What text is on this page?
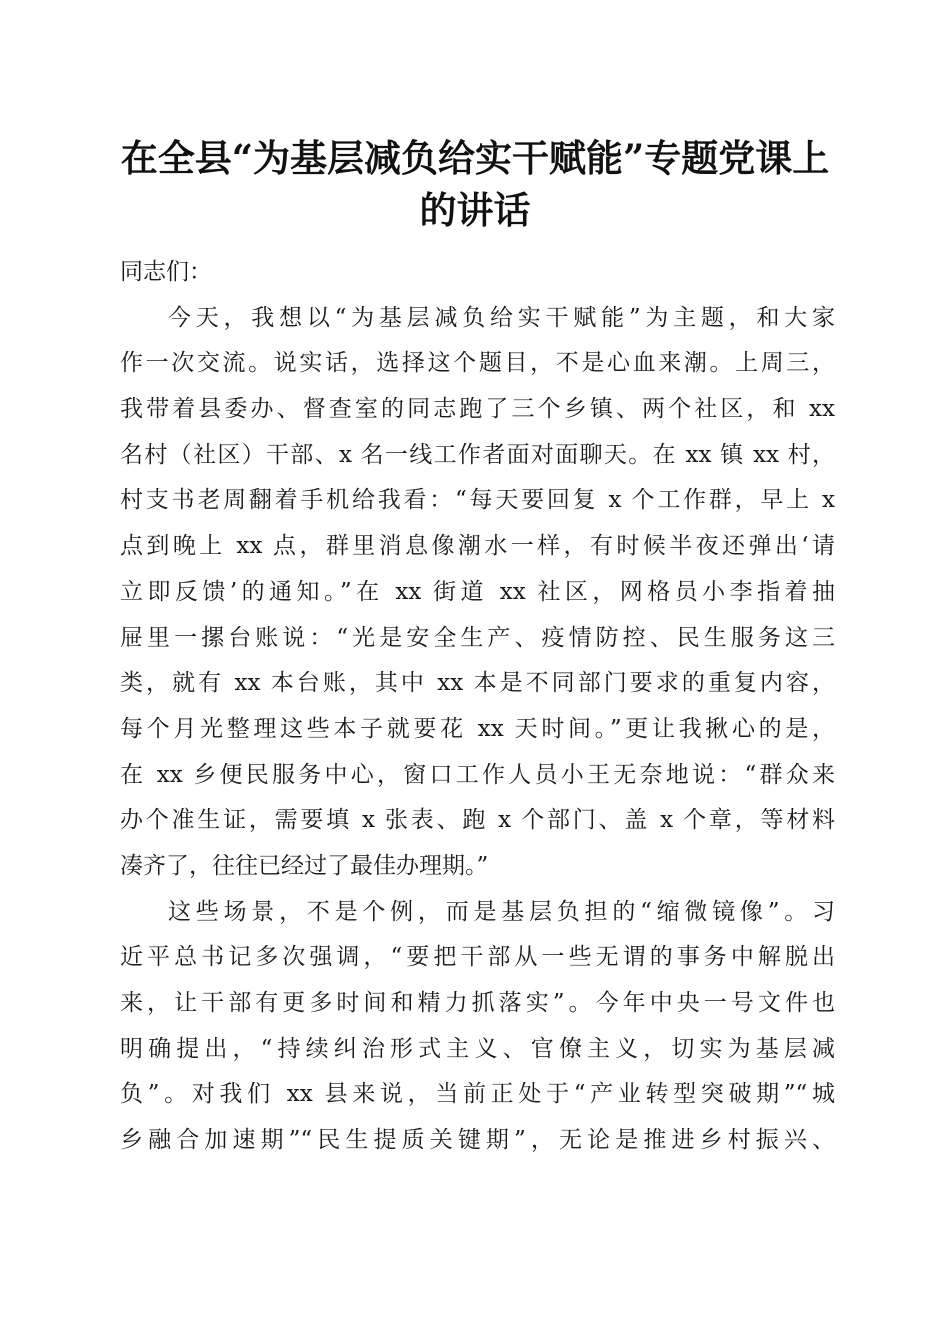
在全县“为基层减负给实干赋能”专题党课上
的讲话
同志们：
今天，我想以“为基层减负给实干赋能”为主题，和大家
作一次交流。说实话，选择这个题目，不是心血来潮。上周三，
我带着县委办、督查室的同志跑了三个乡镇、两个社区，和 xx
名村（社区）干部、x 名一线工作者面对面聊天。在 xx 镇 xx 村，
村支书老周翻着手机给我看：“每天要回复 x 个工作群，早上 x
点到晚上 xx 点，群里消息像潮水一样，有时候半夜还弹出‘请
立即反馈’的通知。”在 xx 街道 xx 社区，网格员小李指着抽
屉里一摞台账说：“光是安全生产、疫情防控、民生服务这三
类，就有 xx 本台账，其中 xx 本是不同部门要求的重复内容，
每个月光整理这些本子就要花 xx 天时间。”更让我揪心的是，
在 xx 乡便民服务中心，窗口工作人员小王无奈地说：“群众来
办个准生证，需要填 x 张表、跑 x 个部门、盖 x 个章，等材料
凑齐了，往往已经过了最佳办理期。”
这些场景，不是个例，而是基层负担的“缩微镜像”。习
近平总书记多次强调，“要把干部从一些无谓的事务中解脱出
来，让干部有更多时间和精力抓落实”。今年中央一号文件也
明确提出，“持续纠治形式主义、官僚主义，切实为基层减
负”。对我们 xx 县来说，当前正处于“产业转型突破期”“城
乡融合加速期”“民生提质关键期”，无论是推进乡村振兴、
